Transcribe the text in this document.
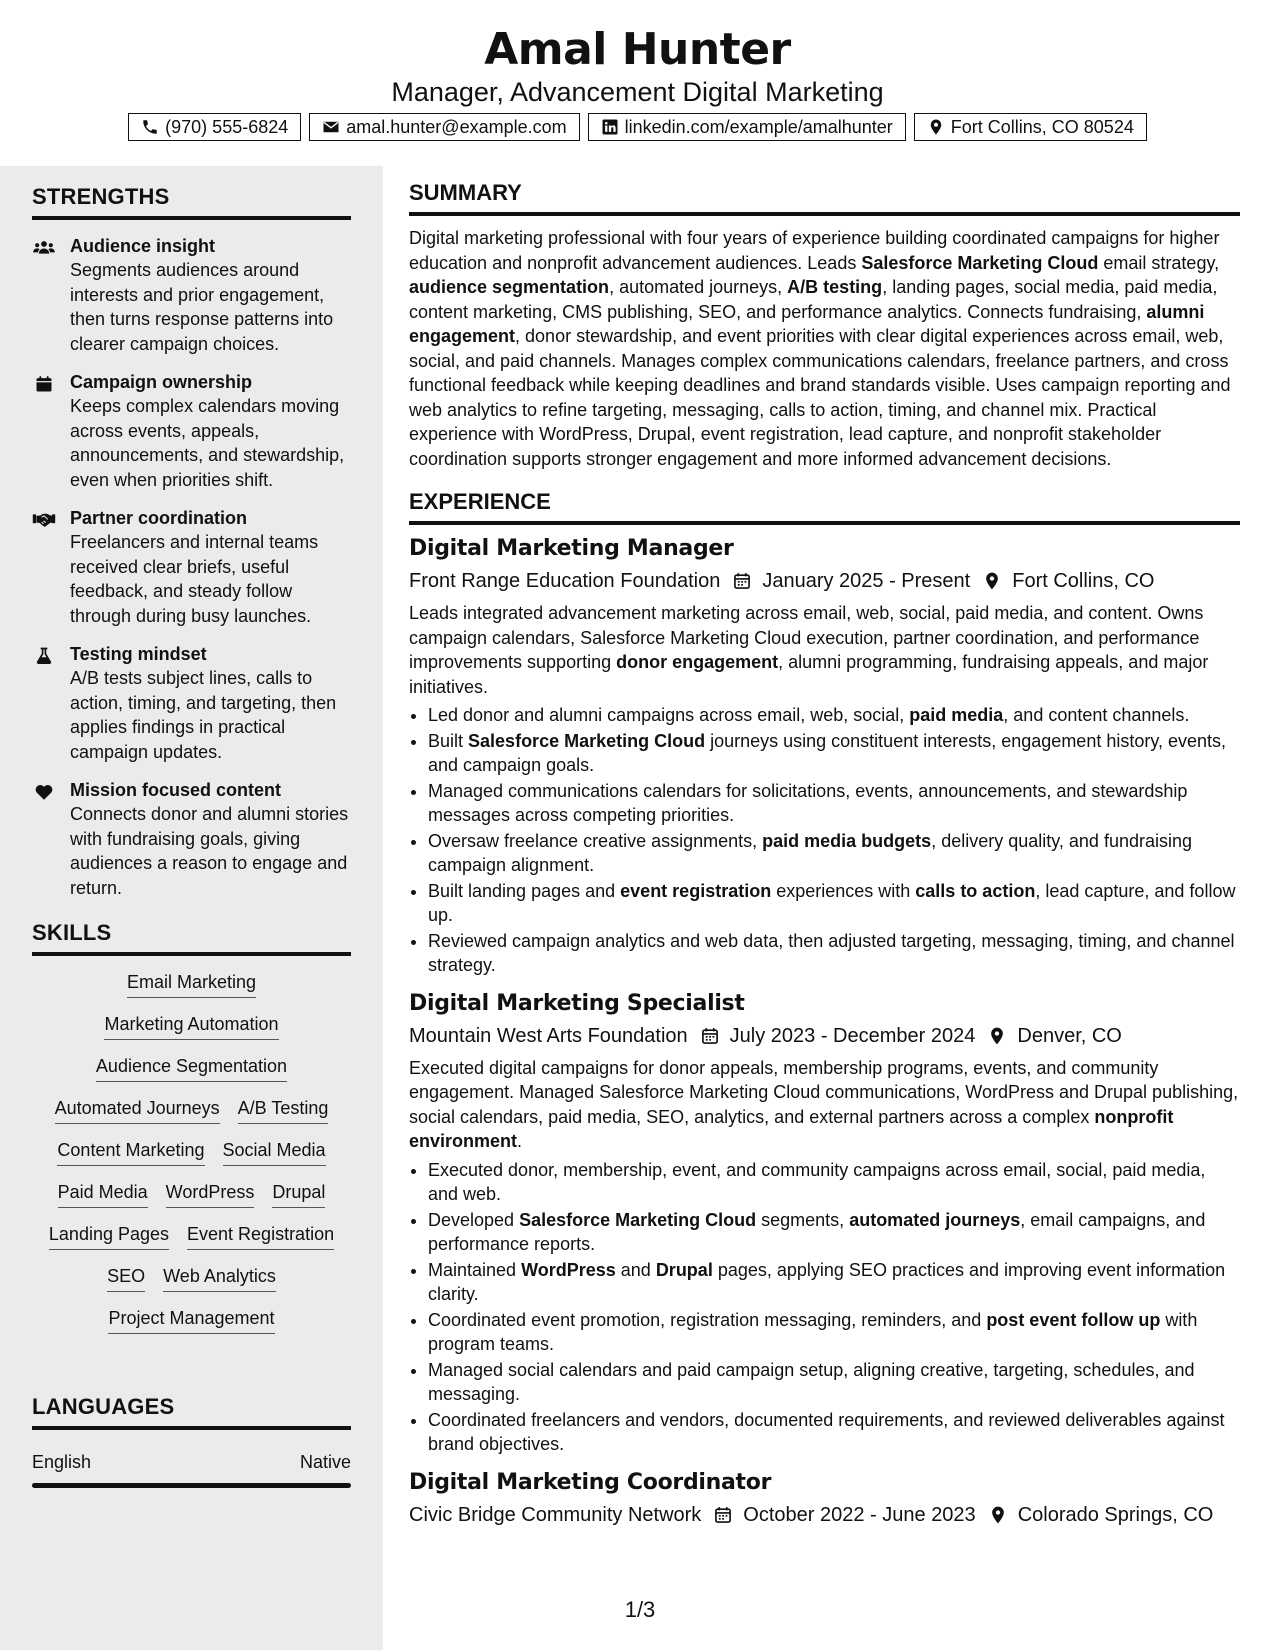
Amal Hunter
Manager, Advancement Digital Marketing
(970) 555-6824	amal.hunter@example.com	linkedin.com/example/amalhunter	Fort Collins, CO 80524
STRENGTHS
Audience insight
Segments audiences around interests and prior engagement, then turns response patterns into clearer campaign choices.
Campaign ownership
Keeps complex calendars moving across events, appeals, announcements, and stewardship, even when priorities shift.
Partner coordination
Freelancers and internal teams received clear briefs, useful feedback, and steady follow through during busy launches.
Testing mindset
A/B tests subject lines, calls to action, timing, and targeting, then applies findings in practical campaign updates.
Mission focused content
Connects donor and alumni stories with fundraising goals, giving audiences a reason to engage and return.
SKILLS
Email Marketing
Marketing Automation
Audience Segmentation
Automated Journeys A/B Testing
Content Marketing Social Media
Paid Media WordPress Drupal
Landing Pages Event Registration
SEO Web Analytics
Project Management
LANGUAGES
English	Native
SUMMARY
Digital marketing professional with four years of experience building coordinated campaigns for higher education and nonprofit advancement audiences. Leads Salesforce Marketing Cloud email strategy, audience segmentation, automated journeys, A/B testing, landing pages, social media, paid media, content marketing, CMS publishing, SEO, and performance analytics. Connects fundraising, alumni engagement, donor stewardship, and event priorities with clear digital experiences across email, web, social, and paid channels. Manages complex communications calendars, freelance partners, and cross functional feedback while keeping deadlines and brand standards visible. Uses campaign reporting and web analytics to refine targeting, messaging, calls to action, timing, and channel mix. Practical experience with WordPress, Drupal, event registration, lead capture, and nonprofit stakeholder coordination supports stronger engagement and more informed advancement decisions.
EXPERIENCE
Digital Marketing Manager
Front Range Education Foundation January 2025 - Present Fort Collins, CO
Leads integrated advancement marketing across email, web, social, paid media, and content. Owns campaign calendars, Salesforce Marketing Cloud execution, partner coordination, and performance improvements supporting donor engagement, alumni programming, fundraising appeals, and major initiatives.
• Led donor and alumni campaigns across email, web, social, paid media, and content channels.
• Built Salesforce Marketing Cloud journeys using constituent interests, engagement history, events, and campaign goals.
• Managed communications calendars for solicitations, events, announcements, and stewardship messages across competing priorities.
• Oversaw freelance creative assignments, paid media budgets, delivery quality, and fundraising campaign alignment.
• Built landing pages and event registration experiences with calls to action, lead capture, and follow up.
• Reviewed campaign analytics and web data, then adjusted targeting, messaging, timing, and channel strategy.
Digital Marketing Specialist
Mountain West Arts Foundation July 2023 - December 2024 Denver, CO
Executed digital campaigns for donor appeals, membership programs, events, and community engagement. Managed Salesforce Marketing Cloud communications, WordPress and Drupal publishing, social calendars, paid media, SEO, analytics, and external partners across a complex nonprofit environment.
• Executed donor, membership, event, and community campaigns across email, social, paid media, and web.
• Developed Salesforce Marketing Cloud segments, automated journeys, email campaigns, and performance reports.
• Maintained WordPress and Drupal pages, applying SEO practices and improving event information clarity.
• Coordinated event promotion, registration messaging, reminders, and post event follow up with program teams.
• Managed social calendars and paid campaign setup, aligning creative, targeting, schedules, and messaging.
• Coordinated freelancers and vendors, documented requirements, and reviewed deliverables against brand objectives.
Digital Marketing Coordinator
Civic Bridge Community Network October 2022 - June 2023 Colorado Springs, CO
1/3
